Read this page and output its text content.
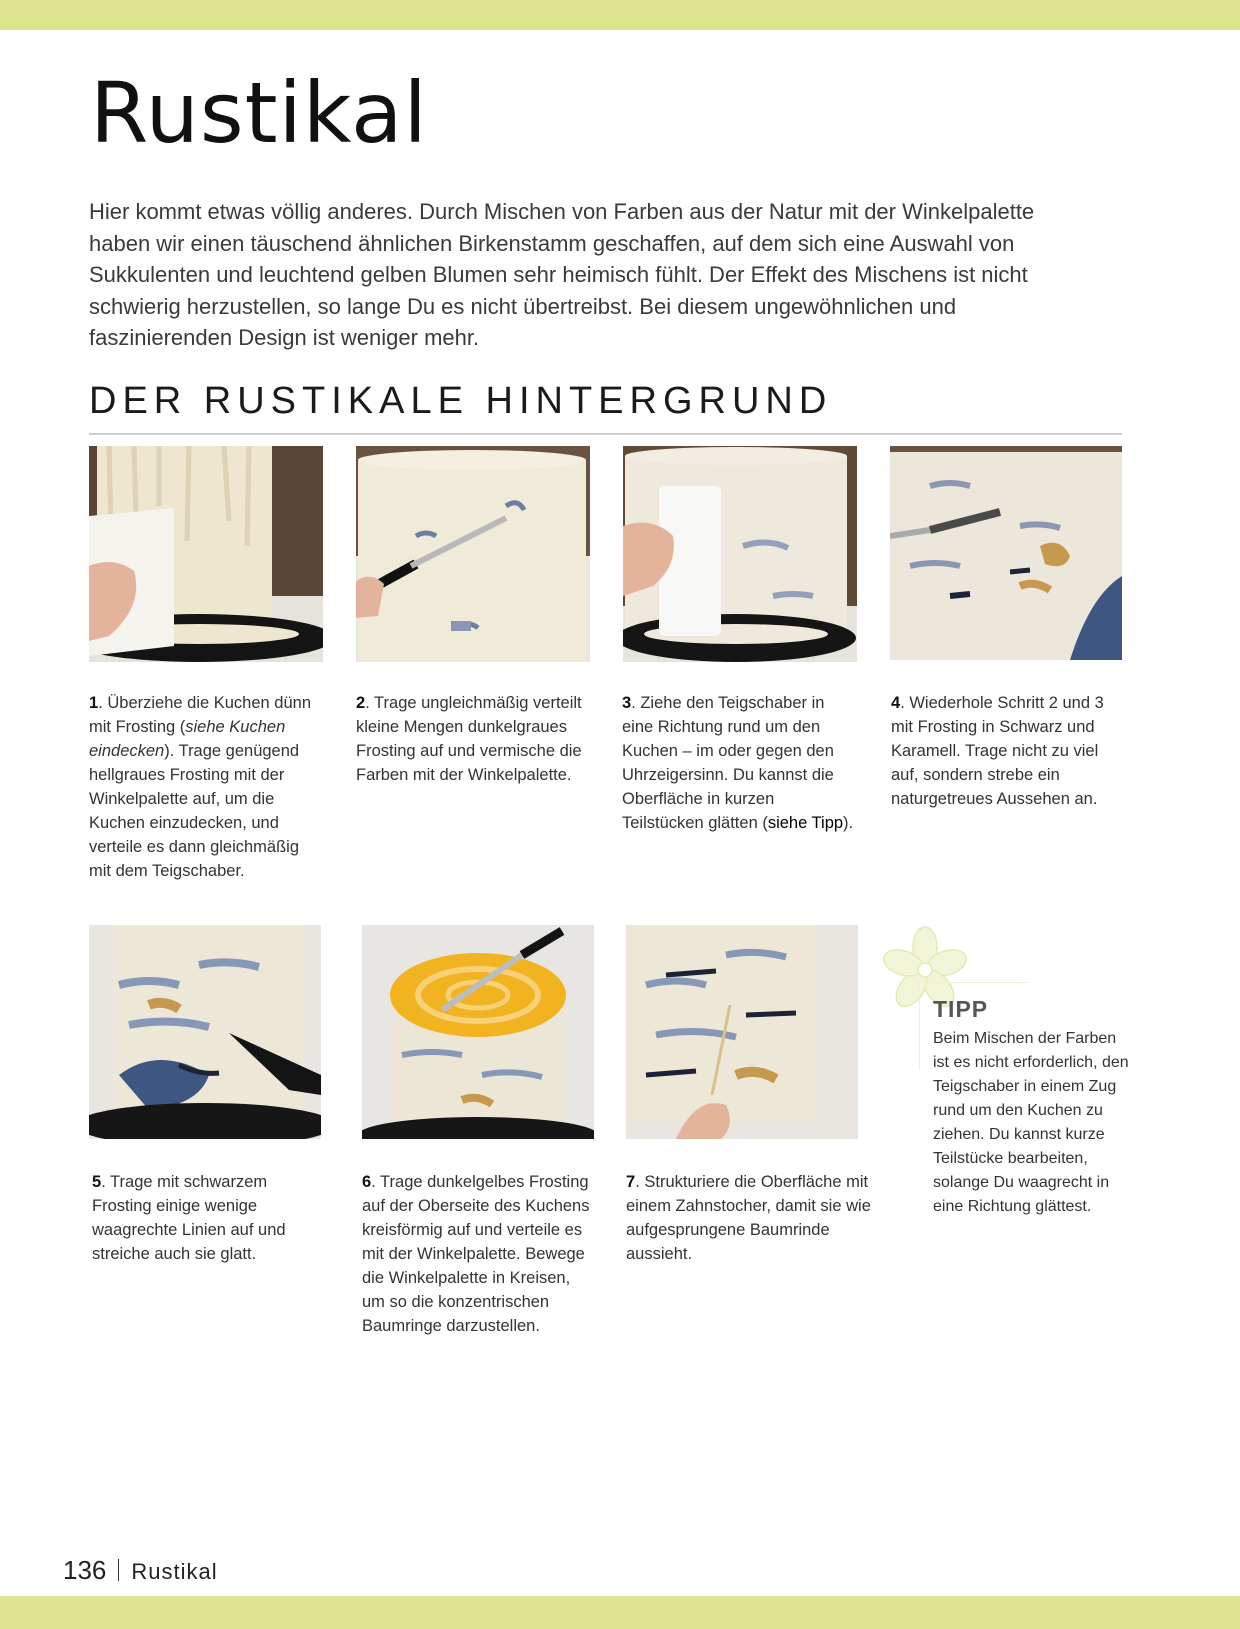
Rustikal

Hier kommt etwas völlig anderes. Durch Mischen von Farben aus der Natur mit der Winkelpalette haben wir einen täuschend ähnlichen Birkenstamm geschaffen, auf dem sich eine Auswahl von Sukkulenten und leuchtend gelben Blumen sehr heimisch fühlt. Der Effekt des Mischens ist nicht schwierig herzustellen, so lange Du es nicht übertreibst. Bei diesem ungewöhnlichen und faszinierenden Design ist weniger mehr.

DER RUSTIKALE HINTERGRUND

1. Überziehe die Kuchen dünn mit Frosting (siehe Kuchen eindecken). Trage genügend hellgraues Frosting mit der Winkelpalette auf, um die Kuchen einzudecken, und verteile es dann gleichmäßig mit dem Teigschaber.

2. Trage ungleichmäßig verteilt kleine Mengen dunkelgraues Frosting auf und vermische die Farben mit der Winkelpalette.

3. Ziehe den Teigschaber in eine Richtung rund um den Kuchen – im oder gegen den Uhrzeigersinn. Du kannst die Oberfläche in kurzen Teilstücken glätten (siehe Tipp).

4. Wiederhole Schritt 2 und 3 mit Frosting in Schwarz und Karamell. Trage nicht zu viel auf, sondern strebe ein naturgetreues Aussehen an.

5. Trage mit schwarzem Frosting einige wenige waagrechte Linien auf und streiche auch sie glatt.

6. Trage dunkelgelbes Frosting auf der Oberseite des Kuchens kreisförmig auf und verteile es mit der Winkelpalette. Bewege die Winkelpalette in Kreisen, um so die konzentrischen Baumringe darzustellen.

7. Strukturiere die Oberfläche mit einem Zahnstocher, damit sie wie aufgesprungene Baumrinde aussieht.

TIPP

Beim Mischen der Farben ist es nicht erforderlich, den Teigschaber in einem Zug rund um den Kuchen zu ziehen. Du kannst kurze Teilstücke bearbeiten, solange Du waagrecht in eine Richtung glättest.

136 Rustikal
